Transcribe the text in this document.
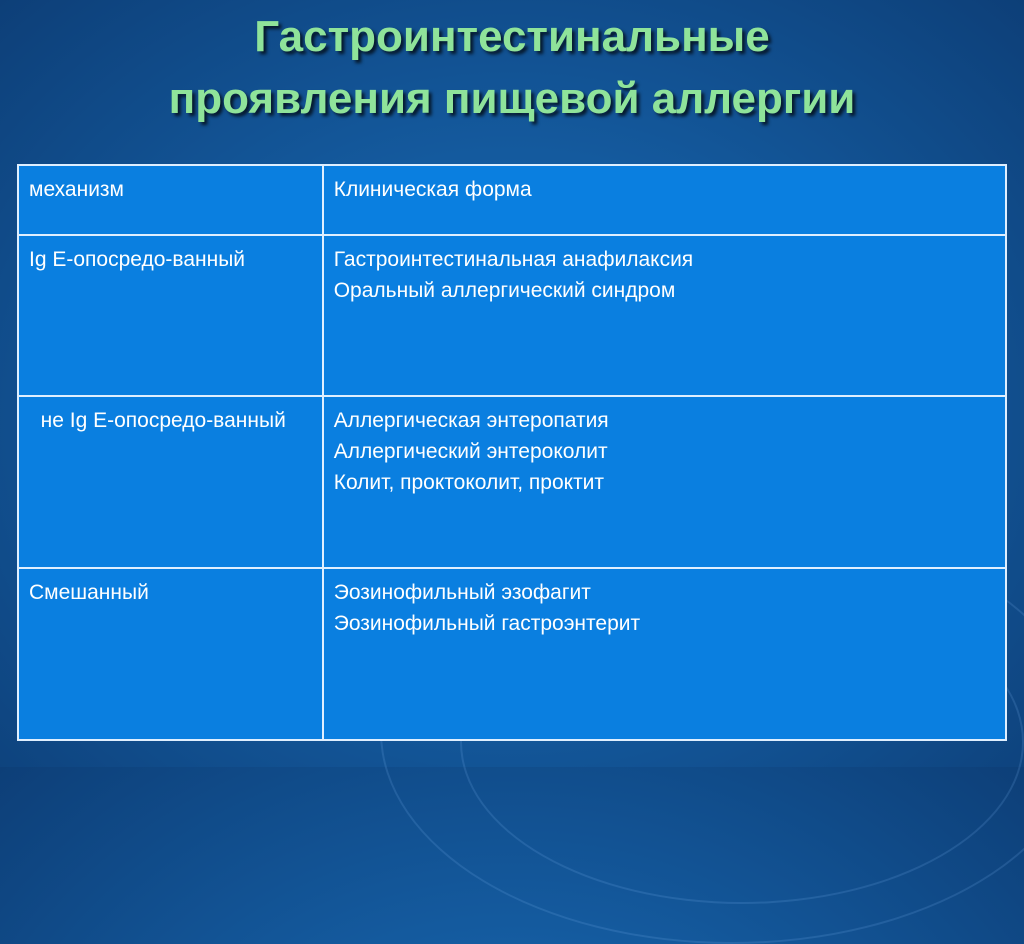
Гастроинтестинальные
проявления пищевой аллергии
механизм	Клиническая форма
Ig E-опосредо-ванный	Гастроинтестинальная анафилаксия
Оральный аллергический синдром

не Ig E-опосредо-ванный	Аллергическая энтеропатия
Аллергический энтероколит
Колит, проктоколит, проктит

Смешанный	Эозинофильный эзофагит
Эозинофильный гастроэнтерит
